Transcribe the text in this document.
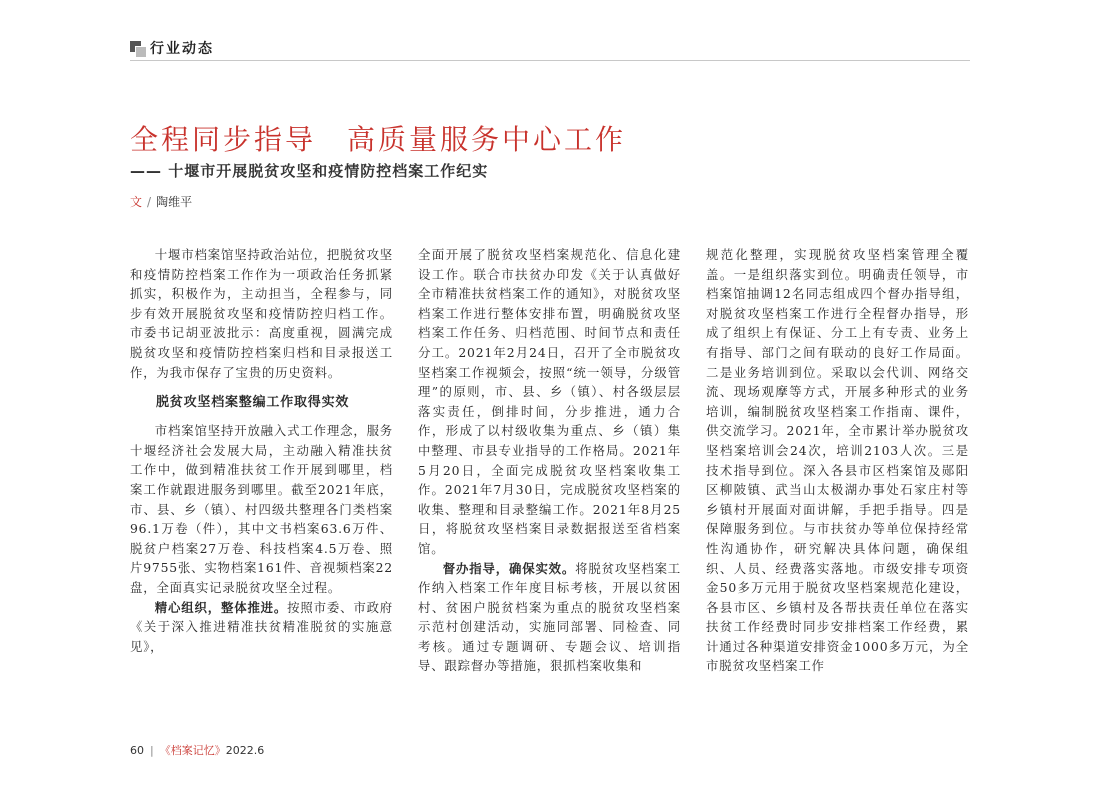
行业动态
全程同步指导　高质量服务中心工作
—— 十堰市开展脱贫攻坚和疫情防控档案工作纪实
文 / 陶维平

十堰市档案馆坚持政治站位，把脱贫攻坚和疫情防控档案工作作为一项政治任务抓紧抓实，积极作为，主动担当，全程参与，同步有效开展脱贫攻坚和疫情防控归档工作。市委书记胡亚波批示：高度重视，圆满完成脱贫攻坚和疫情防控档案归档和目录报送工作，为我市保存了宝贵的历史资料。

脱贫攻坚档案整编工作取得实效

市档案馆坚持开放融入式工作理念，服务十堰经济社会发展大局，主动融入精准扶贫工作中，做到精准扶贫工作开展到哪里，档案工作就跟进服务到哪里。截至2021年底，市、县、乡（镇）、村四级共整理各门类档案96.1万卷（件），其中文书档案63.6万件、脱贫户档案27万卷、科技档案4.5万卷、照片9755张、实物档案161件、音视频档案22盘，全面真实记录脱贫攻坚全过程。

精心组织，整体推进。按照市委、市政府《关于深入推进精准扶贫精准脱贫的实施意见》，

全面开展了脱贫攻坚档案规范化、信息化建设工作。联合市扶贫办印发《关于认真做好全市精准扶贫档案工作的通知》，对脱贫攻坚档案工作进行整体安排布置，明确脱贫攻坚档案工作任务、归档范围、时间节点和责任分工。2021年2月24日，召开了全市脱贫攻坚档案工作视频会，按照“统一领导，分级管理”的原则，市、县、乡（镇）、村各级层层落实责任，倒排时间，分步推进，通力合作，形成了以村级收集为重点、乡（镇）集中整理、市县专业指导的工作格局。2021年5月20日，全面完成脱贫攻坚档案收集工作。2021年7月30日，完成脱贫攻坚档案的收集、整理和目录整编工作。2021年8月25日，将脱贫攻坚档案目录数据报送至省档案馆。

督办指导，确保实效。将脱贫攻坚档案工作纳入档案工作年度目标考核，开展以贫困村、贫困户脱贫档案为重点的脱贫攻坚档案示范村创建活动，实施同部署、同检查、同考核。通过专题调研、专题会议、培训指导、跟踪督办等措施，狠抓档案收集和

规范化整理，实现脱贫攻坚档案管理全覆盖。一是组织落实到位。明确责任领导，市档案馆抽调12名同志组成四个督办指导组，对脱贫攻坚档案工作进行全程督办指导，形成了组织上有保证、分工上有专责、业务上有指导、部门之间有联动的良好工作局面。二是业务培训到位。采取以会代训、网络交流、现场观摩等方式，开展多种形式的业务培训，编制脱贫攻坚档案工作指南、课件，供交流学习。2021年，全市累计举办脱贫攻坚档案培训会24次，培训2103人次。三是技术指导到位。深入各县市区档案馆及郧阳区柳陂镇、武当山太极湖办事处石家庄村等乡镇村开展面对面讲解，手把手指导。四是保障服务到位。与市扶贫办等单位保持经常性沟通协作，研究解决具体问题，确保组织、人员、经费落实落地。市级安排专项资金50多万元用于脱贫攻坚档案规范化建设，各县市区、乡镇村及各帮扶责任单位在落实扶贫工作经费时同步安排档案工作经费，累计通过各种渠道安排资金1000多万元，为全市脱贫攻坚档案工作

60 | 《档案记忆》2022.6
